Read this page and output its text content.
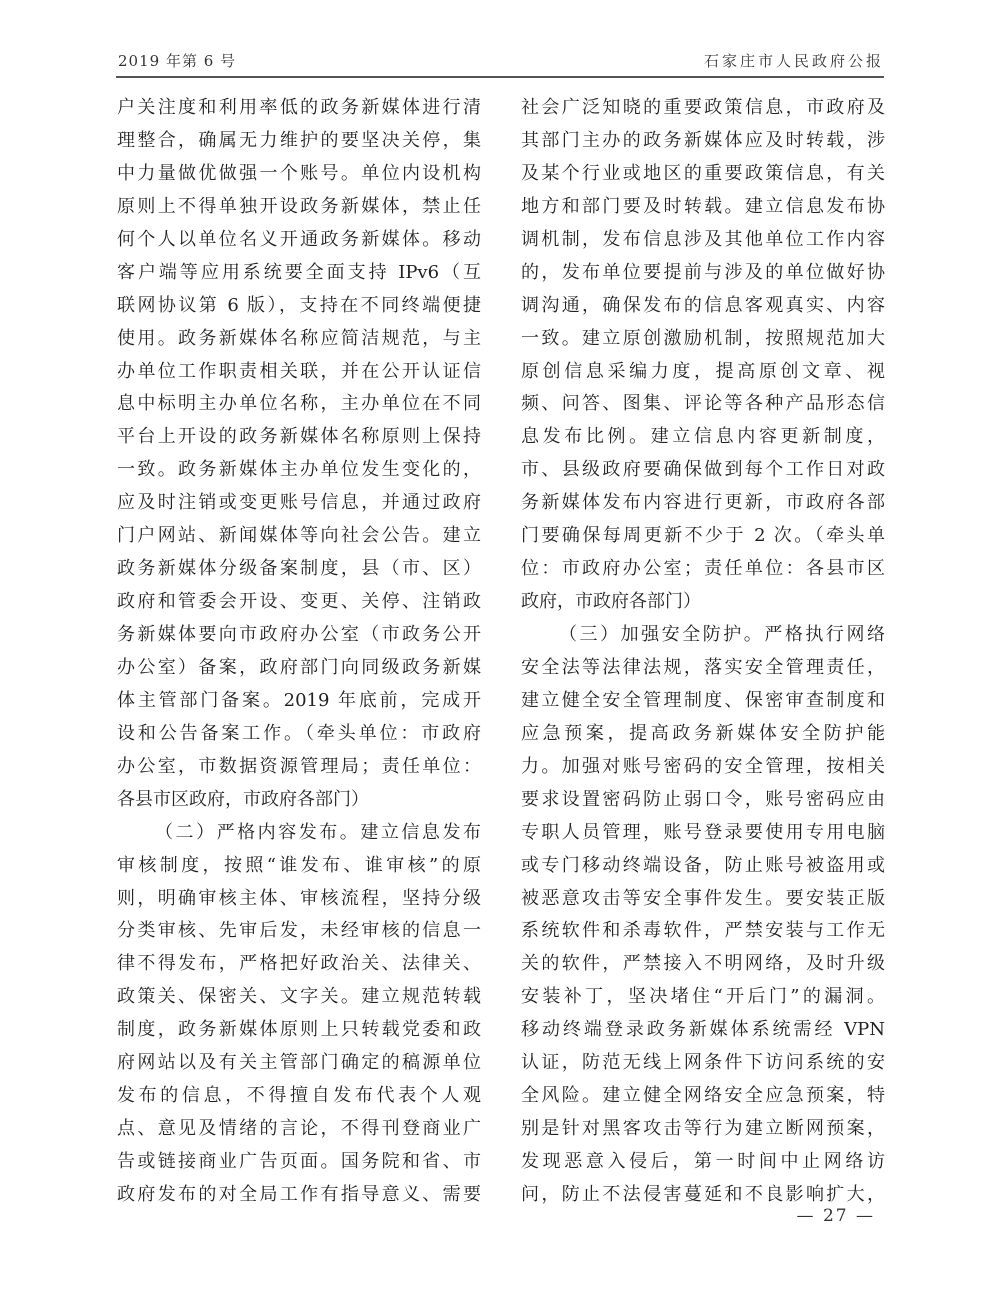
2019 年第 6 号	石家庄市人民政府公报
户关注度和利用率低的政务新媒体进行清
理整合，确属无力维护的要坚决关停，集
中力量做优做强一个账号。单位内设机构
原则上不得单独开设政务新媒体，禁止任
何个人以单位名义开通政务新媒体。移动
客户端等应用系统要全面支持 IPv6（互
联网协议第 6 版），支持在不同终端便捷
使用。政务新媒体名称应简洁规范，与主
办单位工作职责相关联，并在公开认证信
息中标明主办单位名称，主办单位在不同
平台上开设的政务新媒体名称原则上保持
一致。政务新媒体主办单位发生变化的，
应及时注销或变更账号信息，并通过政府
门户网站、新闻媒体等向社会公告。建立
政务新媒体分级备案制度，县（市、区）
政府和管委会开设、变更、关停、注销政
务新媒体要向市政府办公室（市政务公开
办公室）备案，政府部门向同级政务新媒
体主管部门备案。2019 年底前，完成开
设和公告备案工作。（牵头单位：市政府
办公室，市数据资源管理局；责任单位：
各县市区政府，市政府各部门）
（二）严格内容发布。建立信息发布
审核制度，按照“谁发布、谁审核”的原
则，明确审核主体、审核流程，坚持分级
分类审核、先审后发，未经审核的信息一
律不得发布，严格把好政治关、法律关、
政策关、保密关、文字关。建立规范转载
制度，政务新媒体原则上只转载党委和政
府网站以及有关主管部门确定的稿源单位
发布的信息，不得擅自发布代表个人观
点、意见及情绪的言论，不得刊登商业广
告或链接商业广告页面。国务院和省、市
政府发布的对全局工作有指导意义、需要
社会广泛知晓的重要政策信息，市政府及
其部门主办的政务新媒体应及时转载，涉
及某个行业或地区的重要政策信息，有关
地方和部门要及时转载。建立信息发布协
调机制，发布信息涉及其他单位工作内容
的，发布单位要提前与涉及的单位做好协
调沟通，确保发布的信息客观真实、内容
一致。建立原创激励机制，按照规范加大
原创信息采编力度，提高原创文章、视
频、问答、图集、评论等各种产品形态信
息发布比例。建立信息内容更新制度，
市、县级政府要确保做到每个工作日对政
务新媒体发布内容进行更新，市政府各部
门要确保每周更新不少于 2 次。（牵头单
位：市政府办公室；责任单位：各县市区
政府，市政府各部门）
（三）加强安全防护。严格执行网络
安全法等法律法规，落实安全管理责任，
建立健全安全管理制度、保密审查制度和
应急预案，提高政务新媒体安全防护能
力。加强对账号密码的安全管理，按相关
要求设置密码防止弱口令，账号密码应由
专职人员管理，账号登录要使用专用电脑
或专门移动终端设备，防止账号被盗用或
被恶意攻击等安全事件发生。要安装正版
系统软件和杀毒软件，严禁安装与工作无
关的软件，严禁接入不明网络，及时升级
安装补丁，坚决堵住“开后门”的漏洞。
移动终端登录政务新媒体系统需经 VPN
认证，防范无线上网条件下访问系统的安
全风险。建立健全网络安全应急预案，特
别是针对黑客攻击等行为建立断网预案，
发现恶意入侵后，第一时间中止网络访
问，防止不法侵害蔓延和不良影响扩大，
— 27 —
